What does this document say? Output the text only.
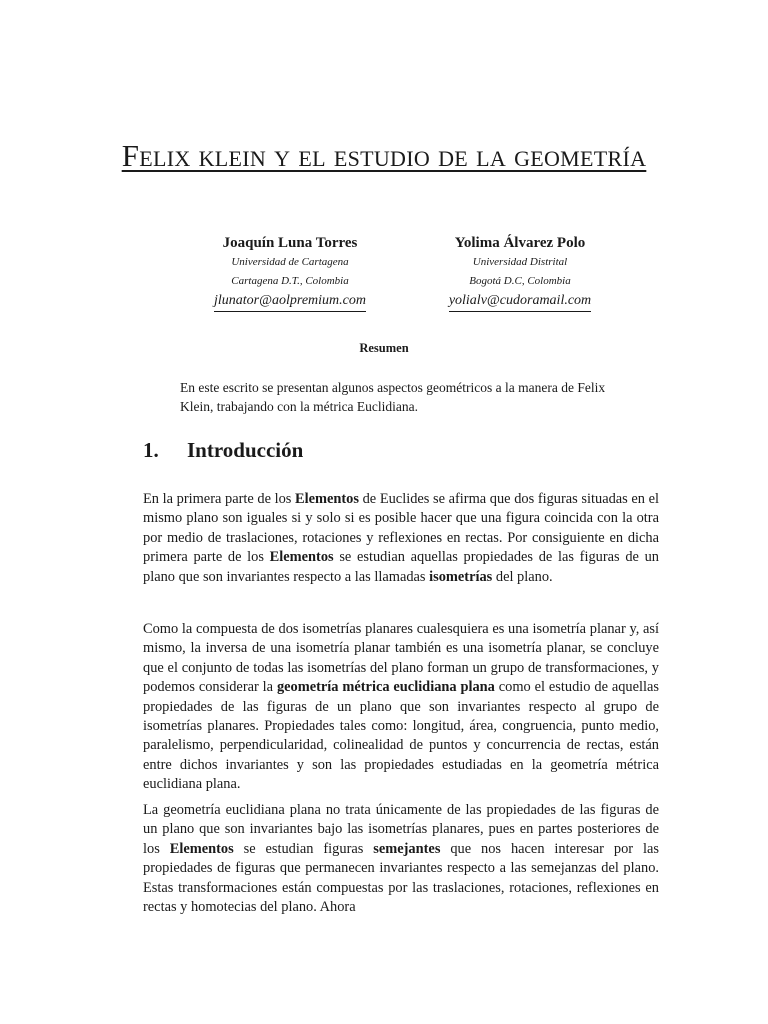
Felix klein y el estudio de la geometría
Joaquín Luna Torres
Universidad de Cartagena
Cartagena D.T., Colombia
jlunator@aolpremium.com
Yolima Álvarez Polo
Universidad Distrital
Bogotá D.C, Colombia
yolialv@cudoramail.com
Resumen
En este escrito se presentan algunos aspectos geométricos a la manera de Felix Klein, trabajando con la métrica Euclidiana.
1. Introducción
En la primera parte de los Elementos de Euclides se afirma que dos figuras situadas en el mismo plano son iguales si y solo si es posible hacer que una figura coincida con la otra por medio de traslaciones, rotaciones y reflexiones en rectas. Por consiguiente en dicha primera parte de los Elementos se estudian aquellas propiedades de las figuras de un plano que son invariantes respecto a las llamadas isometrías del plano.
Como la compuesta de dos isometrías planares cualesquiera es una isometría planar y, así mismo, la inversa de una isometría planar también es una isometría planar, se concluye que el conjunto de todas las isometrías del plano forman un grupo de transformaciones, y podemos considerar la geometría métrica euclidiana plana como el estudio de aquellas propiedades de las figuras de un plano que son invariantes respecto al grupo de isometrías planares. Propiedades tales como: longitud, área, congruencia, punto medio, paralelismo, perpendicularidad, colinealidad de puntos y concurrencia de rectas, están entre dichos invariantes y son las propiedades estudiadas en la geometría métrica euclidiana plana.
La geometría euclidiana plana no trata únicamente de las propiedades de las figuras de un plano que son invariantes bajo las isometrías planares, pues en partes posteriores de los Elementos se estudian figuras semejantes que nos hacen interesar por las propiedades de figuras que permanecen invariantes respecto a las semejanzas del plano. Estas transformaciones están compuestas por las traslaciones, rotaciones, reflexiones en rectas y homotecias del plano. Ahora
